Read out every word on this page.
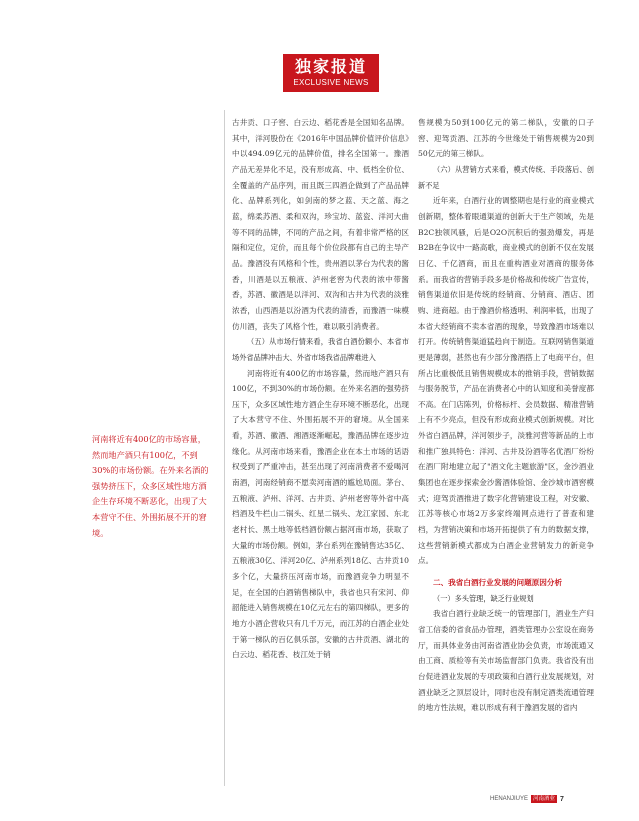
独家报道
EXCLUSIVE NEWS
河南将近有400亿的市场容量，然而地产酒只有100亿，不到30%的市场份额。在外来名酒的强势挤压下，众多区域性地方酒企生存环境不断恶化，出现了大本营守不住、外围拓展不开的窘境。

古井贡、口子窖、白云边、稻花香是全国知名品牌。其中，洋河股份在《2016年中国品牌价值评价信息》中以494.09亿元的品牌价值，排名全国第一。豫酒产品无差异化不足，没有形成高、中、低档全价位、全覆盖的产品序列，而且既三四酒企做到了产品品牌化、品牌系列化，如剑南的梦之蓝、天之蓝、海之蓝，绵柔苏酒、柔和双沟，珍宝坊、蓝瓷、洋河大曲等不同的品牌，不同的产品之间，有着非常严格的区隔和定位，定价，而且每个价位段都有自己的主导产品。豫酒没有风格和个性，贵州酒以茅台为代表的酱香，川酒是以五粮液、泸州老窖为代表的浓中带酱香，苏酒、徽酒是以洋河、双沟和古井为代表的淡雅浓香，山西酒是以汾酒为代表的清香，而豫酒一味模仿川酒，丧失了风格个性，难以吸引消费者。

（五）从市场行情来看，我省白酒份额小、本省市场外省品牌冲击大、外省市场我省品牌难进入

河南将近有400亿的市场容量，然而地产酒只有100亿，不到30%的市场份额。在外来名酒的强势挤压下，众多区域性地方酒企生存环境不断恶化，出现了大本营守不住、外围拓展不开的窘境。从全国来看，苏酒、徽酒、湘酒逐渐崛起，豫酒品牌在逐步边缘化。从河南市场来看，豫酒企业在本土市场的话语权受到了严重冲击，甚至出现了河南消费者不爱喝河南酒，河南经销商不愿卖河南酒的尴尬局面。茅台、五粮液、泸州、洋河、古井贡、泸州老窖等外省中高档酒及牛栏山二锅头、红星二锅头、龙江家园、东北老村长、黑土地等低档酒份额占据河南市场，获取了大量的市场份额。例如，茅台系列在豫销售达35亿、五粮液30亿、洋河20亿、泸州系列18亿、古井贡10多个亿，大量挤压河南市场，而豫酒竞争力明显不足，在全国的白酒销售梯队中，我省也只有宋河、仰韶能进入销售规模在10亿元左右的第四梯队，更多的地方小酒企营收只有几千万元，而江苏的白酒企业处于第一梯队的百亿俱乐部，安徽的古井贡酒、湖北的白云边、稻花香、枝江处于销

售规模为50到100亿元的第二梯队，安徽的口子窖、迎驾贡酒、江苏的今世缘处于销售规模为20到50亿元的第三梯队。

（六）从营销方式来看，模式传统、手段落后、创新不足

近年来，白酒行业的调整期也是行业的商业模式创新期，整体着眼通渠道的创新大于生产领域，先是B2C独领风骚，后是O2O沉积后的强劲爆发，再是B2B在争议中一路高歌，商业模式的创新不仅在发展日亿、千亿酒商，而且在重构酒业对酒商的服务体系。而我省的营销手段多是价格战和传统广告宣传，销售渠道依旧是传统的经销商、分销商、酒店、团购、进商超。由于豫酒价格透明、利润率低，出现了本省大经销商不卖本省酒的现象，导致豫酒市场难以打开。传统销售渠道猛趋向于制造。互联网销售渠道更是薄弱，甚然也有少部分豫酒搭上了电商平台，但所占比重极低且销售规模成本的推销手段，营销数据与服务脱节，产品在消费者心中的认知度和美誉度都不高。在门店陈列，价格标杆、会员数据、精准营销上有不少亮点，但没有形成商业模式创新规模。对比外省白酒品牌，洋河领步子，淡雅河营等新品的上市和推广独具特色：洋河、古井及汾酒等名优酒厂纷纷在酒厂附地建立起了"酒文化主题旅游"区，金沙酒业集团也在逐步探索金沙酱酒体验馆、金沙城市酒窖模式；迎驾贡酒推进了数字化营销建设工程，对安徽、江苏等核心市场2万多家终端网点进行了普查和建档，为营销决策和市场开拓提供了有力的数据支撑，这些营销新模式都成为白酒企业营销发力的新竞争点。

二、我省白酒行业发展的问题原因分析

（一）多头管理，缺乏行业规划

我省白酒行业缺乏统一的管理部门，酒业生产归省工信委的省食品办管理，酒类管理办公室设在商务厅，而具体业务由河南省酒业协会负责，市场流通又由工商、质检等有关市场监督部门负责。我省没有出台促进酒业发展的专项政策和白酒行业发展规划，对酒业缺乏之顶层设计，同时也没有制定酒类流通管理的地方性法规，难以形成有利于豫酒发展的省内

HENANJIUYE 河南酒业 7
